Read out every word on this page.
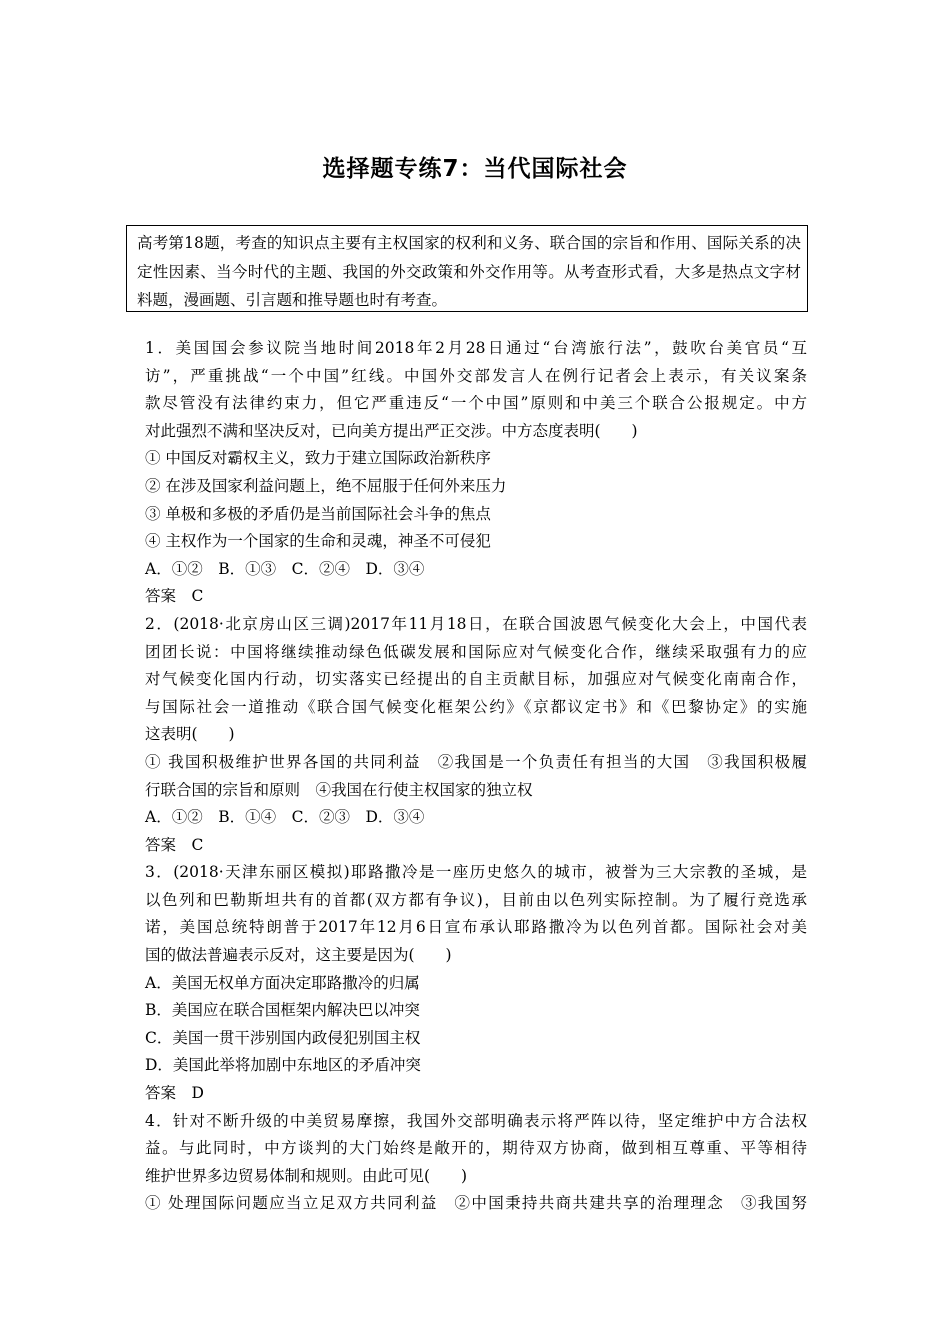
选择题专练7：当代国际社会
高考第18题，考查的知识点主要有主权国家的权利和义务、联合国的宗旨和作用、国际关系的决定性因素、当今时代的主题、我国的外交政策和外交作用等。从考查形式看，大多是热点文字材料题，漫画题、引言题和推导题也时有考查。
1．美国国会参议院当地时间2018年2月28日通过“台湾旅行法”，鼓吹台美官员“互
访”，严重挑战“一个中国”红线。中国外交部发言人在例行记者会上表示，有关议案条
款尽管没有法律约束力，但它严重违反“一个中国”原则和中美三个联合公报规定。中方
对此强烈不满和坚决反对，已向美方提出严正交涉。中方态度表明(　　)
① 中国反对霸权主义，致力于建立国际政治新秩序
② 在涉及国家利益问题上，绝不屈服于任何外来压力
③ 单极和多极的矛盾仍是当前国际社会斗争的焦点
④ 主权作为一个国家的生命和灵魂，神圣不可侵犯
A．①②　B．①③　C．②④　D．③④
答案　C
2．(2018·北京房山区三调)2017年11月18日，在联合国波恩气候变化大会上，中国代表
团团长说：中国将继续推动绿色低碳发展和国际应对气候变化合作，继续采取强有力的应
对气候变化国内行动，切实落实已经提出的自主贡献目标，加强应对气候变化南南合作，
与国际社会一道推动《联合国气候变化框架公约》《京都议定书》和《巴黎协定》的实施
这表明(　　)
① 我国积极维护世界各国的共同利益　②我国是一个负责任有担当的大国　③我国积极履
行联合国的宗旨和原则　④我国在行使主权国家的独立权
A．①②　B．①④　C．②③　D．③④
答案　C
3．(2018·天津东丽区模拟)耶路撒冷是一座历史悠久的城市，被誉为三大宗教的圣城，是
以色列和巴勒斯坦共有的首都(双方都有争议)，目前由以色列实际控制。为了履行竞选承
诺，美国总统特朗普于2017年12月6日宣布承认耶路撒冷为以色列首都。国际社会对美
国的做法普遍表示反对，这主要是因为(　　)
A．美国无权单方面决定耶路撒冷的归属
B．美国应在联合国框架内解决巴以冲突
C．美国一贯干涉别国内政侵犯别国主权
D．美国此举将加剧中东地区的矛盾冲突
答案　D
4．针对不断升级的中美贸易摩擦，我国外交部明确表示将严阵以待，坚定维护中方合法权
益。与此同时，中方谈判的大门始终是敞开的，期待双方协商，做到相互尊重、平等相待
维护世界多边贸易体制和规则。由此可见(　　)
① 处理国际问题应当立足双方共同利益　②中国秉持共商共建共享的治理理念　③我国努
